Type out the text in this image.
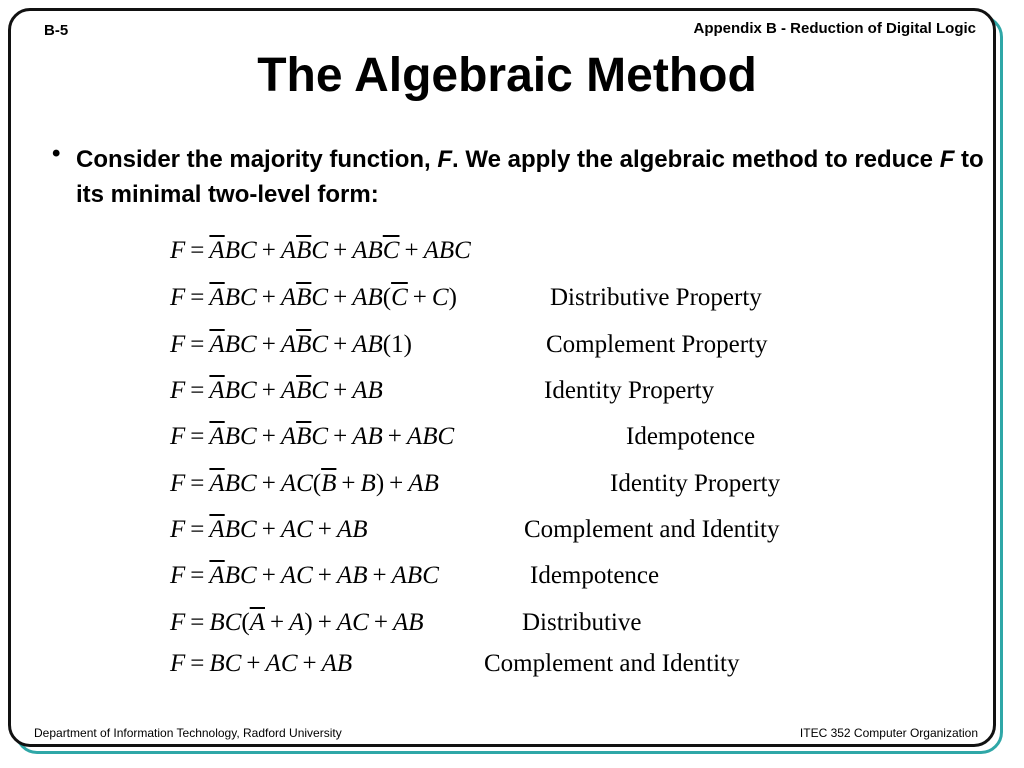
B-5	Appendix B - Reduction of Digital Logic
The Algebraic Method
• Consider the majority function, F. We apply the algebraic method to reduce F to its minimal two-level form:
$F = \overline{A}BC + A\overline{B}C + AB\overline{C}$  +  ABC
$F = \overline{A}BC + A\overline{B}C + AB(\overline{C} + C)$	Distributive Property
$F = \overline{A}BC + A\overline{B}C + AB(1)$	Complement Property
$F = \overline{A}BC + A\overline{B}C$  +  AB	Identity Property
$F = \overline{A}BC + A\overline{B}C$  +  AB  +  ABC	Idempotence
$F = \overline{A}BC + AC(\overline{B} + B)$  +  AB	Identity Property
$F = \overline{A}BC$  +  AC  +  AB	Complement and Identity
$F = \overline{A}BC$  +  AC  +  AB  +  ABC	Idempotence
$F = BC(\overline{A} + A)$  +  AC  +  AB	Distributive
F  =  BC  +  AC  +  AB	Complement and Identity
Department of Information Technology, Radford University	ITEC 352 Computer Organization
